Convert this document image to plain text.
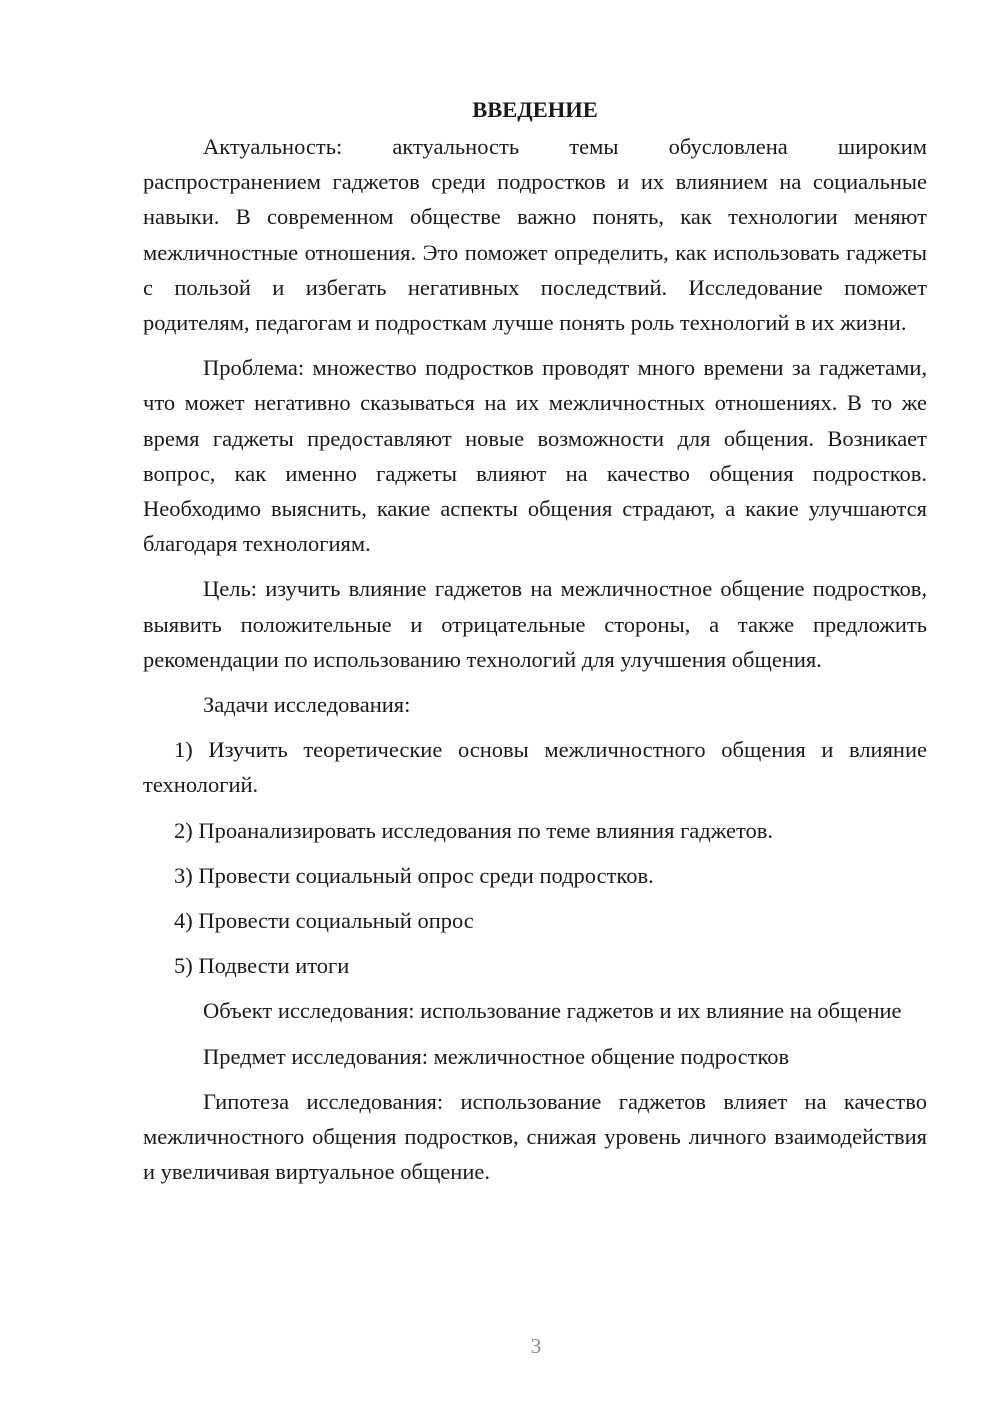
ВВЕДЕНИЕ

Актуальность: актуальность темы обусловлена широким распространением гаджетов среди подростков и их влиянием на социальные навыки. В современном обществе важно понять, как технологии меняют межличностные отношения. Это поможет определить, как использовать гаджеты с пользой и избегать негативных последствий. Исследование поможет родителям, педагогам и подросткам лучше понять роль технологий в их жизни.

Проблема: множество подростков проводят много времени за гаджетами, что может негативно сказываться на их межличностных отношениях. В то же время гаджеты предоставляют новые возможности для общения. Возникает вопрос, как именно гаджеты влияют на качество общения подростков. Необходимо выяснить, какие аспекты общения страдают, а какие улучшаются благодаря технологиям.

Цель: изучить влияние гаджетов на межличностное общение подростков, выявить положительные и отрицательные стороны, а также предложить рекомендации по использованию технологий для улучшения общения.

Задачи исследования:

1) Изучить теоретические основы межличностного общения и влияние технологий.

2) Проанализировать исследования по теме влияния гаджетов.

3) Провести социальный опрос среди подростков.

4) Провести социальный опрос

5) Подвести итоги

Объект исследования: использование гаджетов и их влияние на общение

Предмет исследования: межличностное общение подростков

Гипотеза исследования: использование гаджетов влияет на качество межличностного общения подростков, снижая уровень личного взаимодействия и увеличивая виртуальное общение.

3
